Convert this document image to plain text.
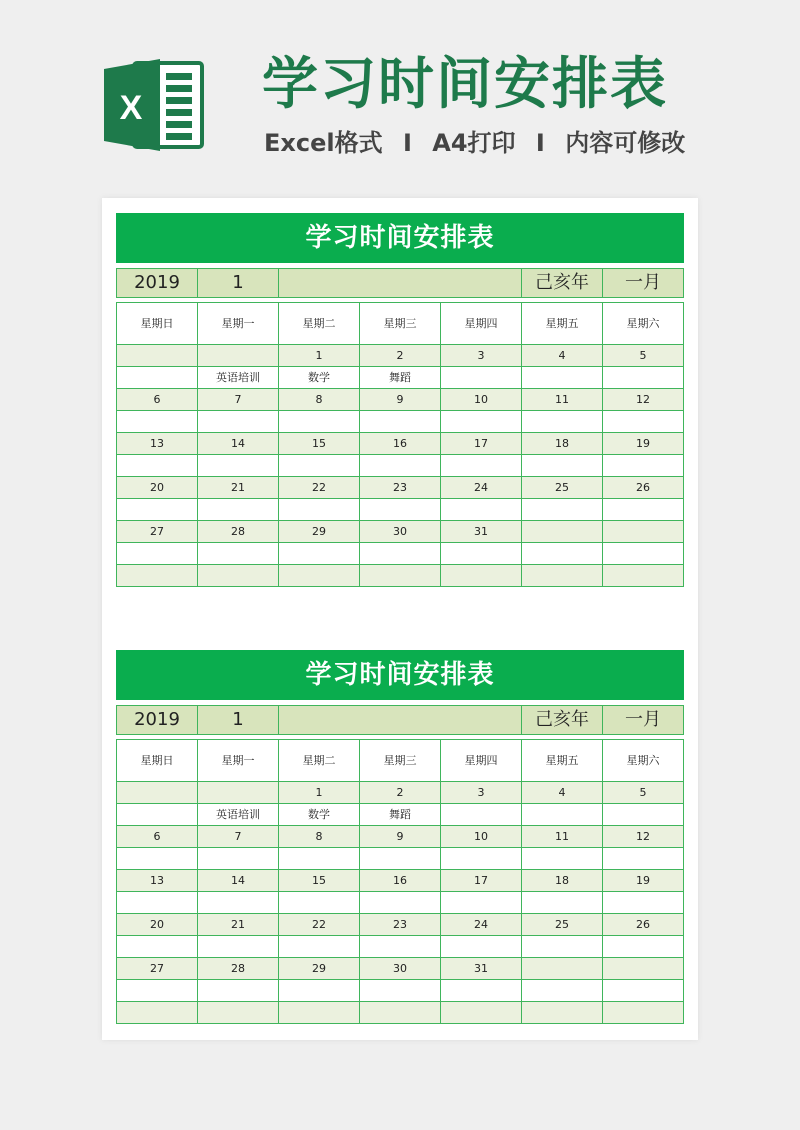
X 学习时间安排表
Excel格式 I A4打印 I 内容可修改
学习时间安排表
2019	1	己亥年	一月
星期日	星期一	星期二	星期三	星期四	星期五	星期六
		1	2	3	4	5
	英语培训	数学	舞蹈			
6	7	8	9	10	11	12

13	14	15	16	17	18	19

20	21	22	23	24	25	26

27	28	29	30	31		

学习时间安排表
2019	1	己亥年	一月
星期日	星期一	星期二	星期三	星期四	星期五	星期六
		1	2	3	4	5
	英语培训	数学	舞蹈			
6	7	8	9	10	11	12

13	14	15	16	17	18	19

20	21	22	23	24	25	26

27	28	29	30	31		
